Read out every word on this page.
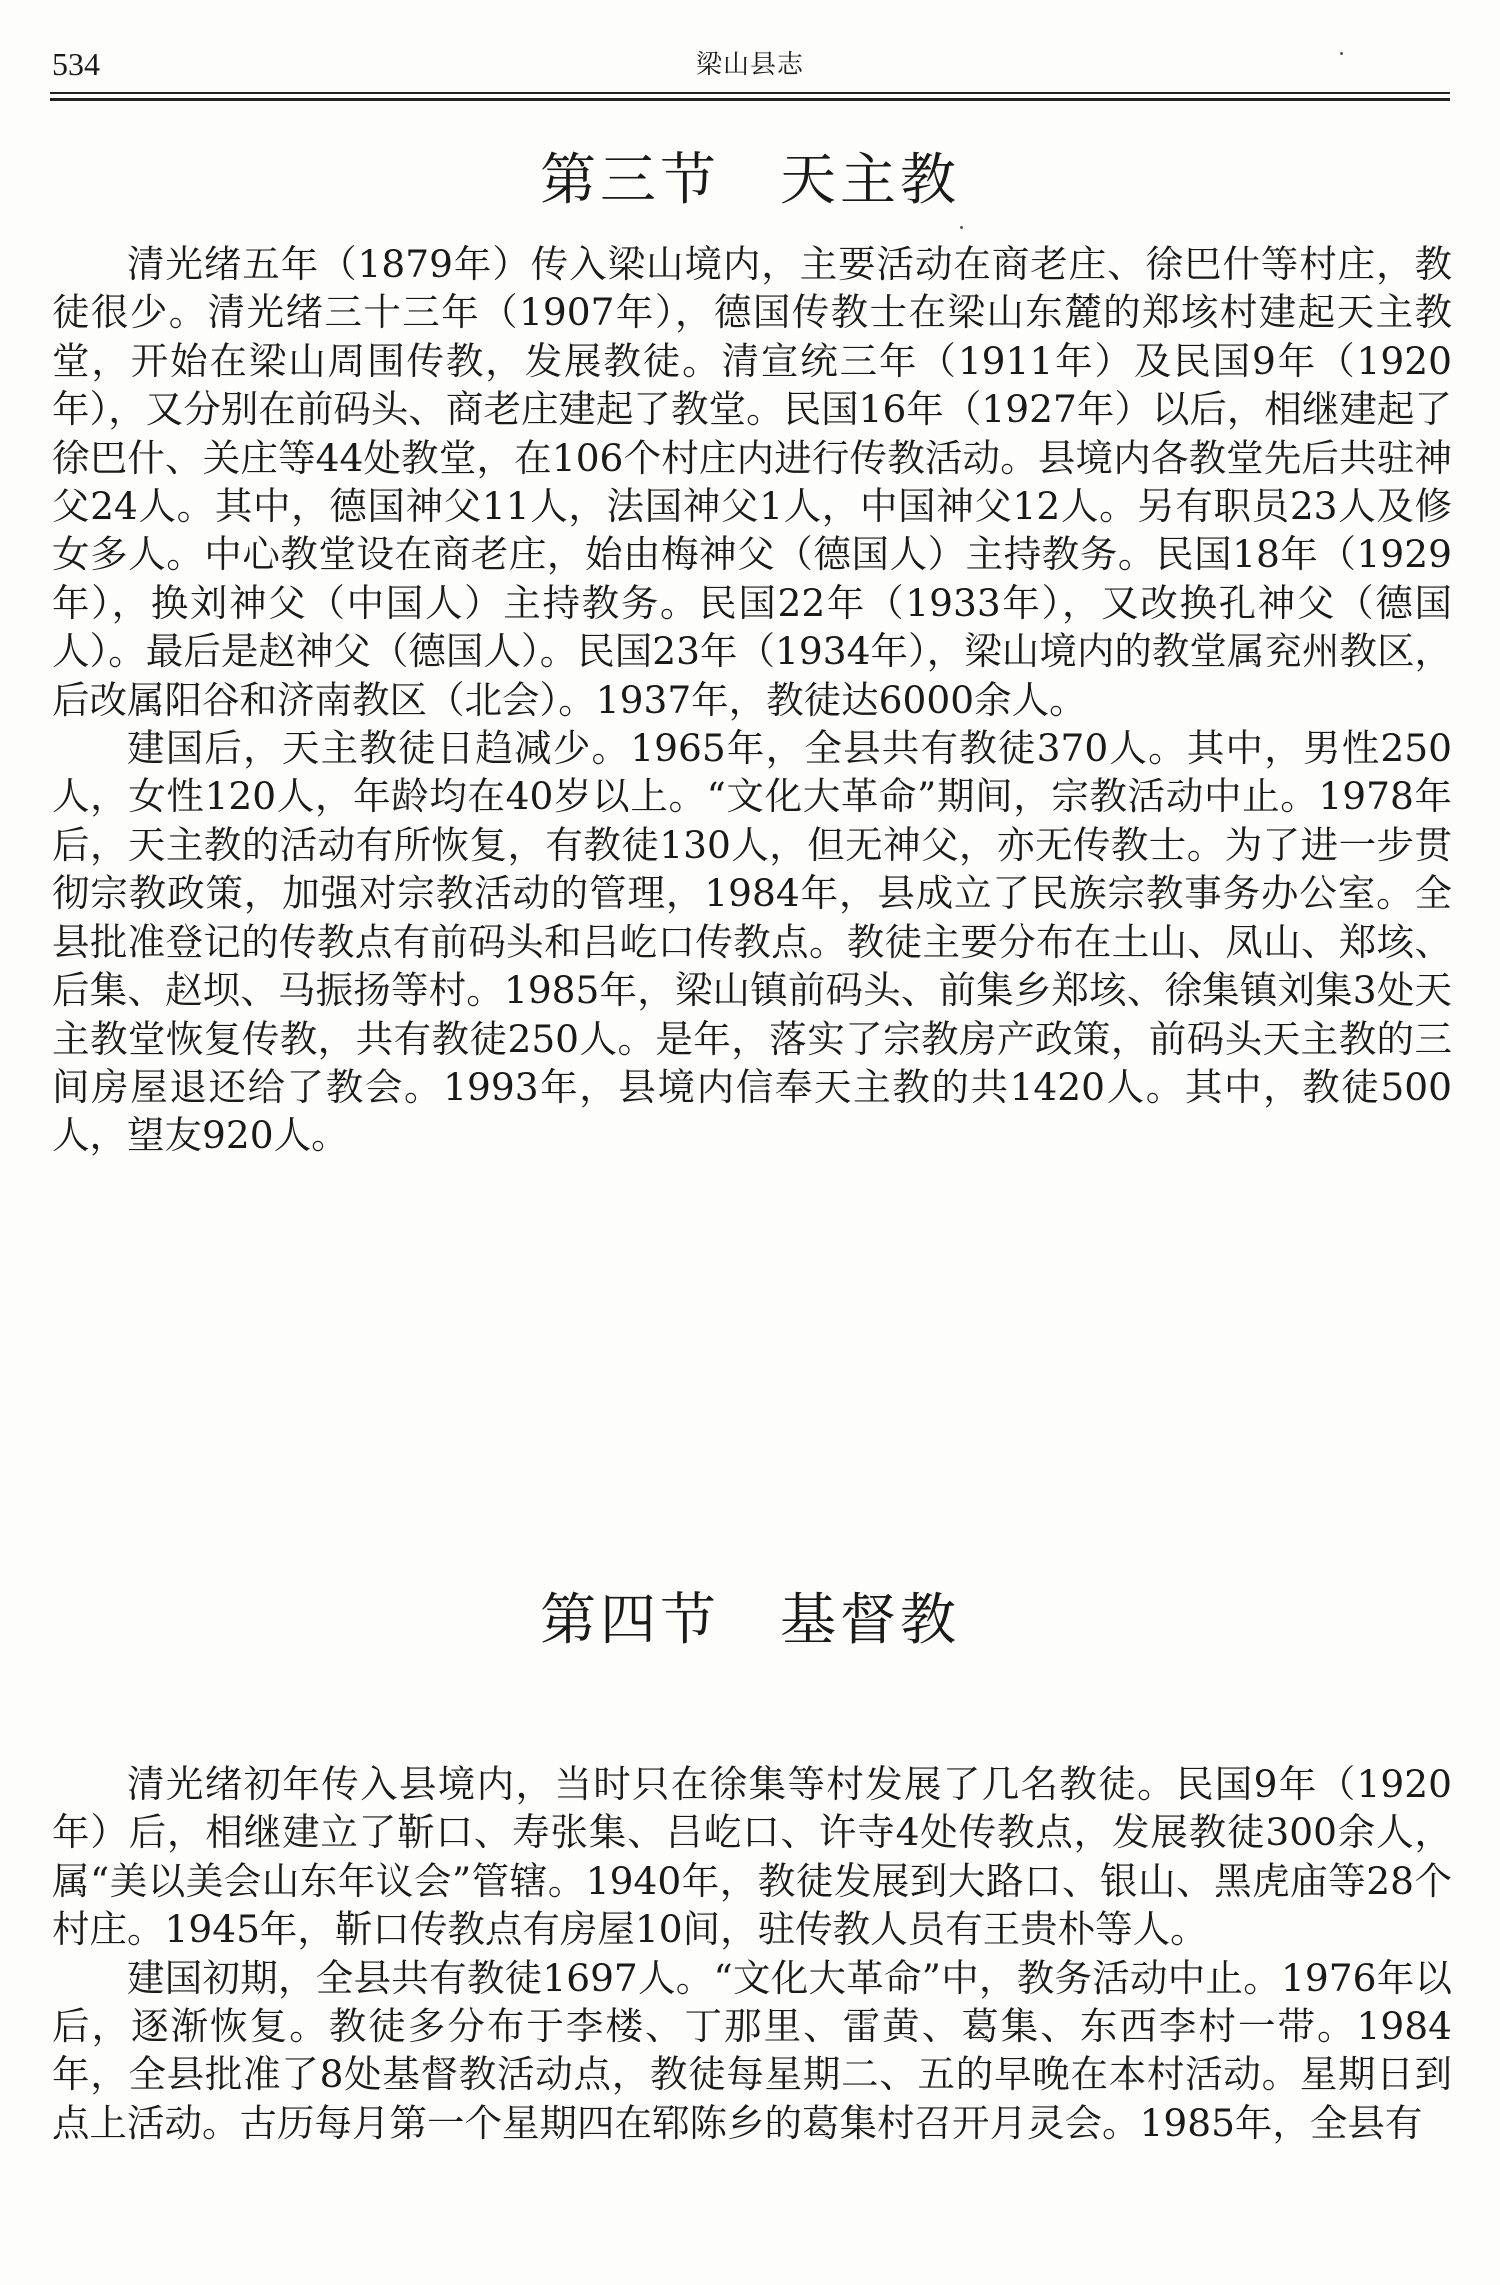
534	梁山县志
第三节 天主教

清光绪五年（1879年）传入梁山境内，主要活动在商老庄、徐巴什等村庄，教徒很少。清光绪三十三年（1907年），德国传教士在梁山东麓的郑垓村建起天主教堂，开始在梁山周围传教，发展教徒。清宣统三年（1911年）及民国9年（1920年），又分别在前码头、商老庄建起了教堂。民国16年（1927年）以后，相继建起了徐巴什、关庄等44处教堂，在106个村庄内进行传教活动。县境内各教堂先后共驻神父24人。其中，德国神父11人，法国神父1人，中国神父12人。另有职员23人及修女多人。中心教堂设在商老庄，始由梅神父（德国人）主持教务。民国18年（1929年），换刘神父（中国人）主持教务。民国22年（1933年），又改换孔神父（德国人）。最后是赵神父（德国人）。民国23年（1934年），梁山境内的教堂属兖州教区，后改属阳谷和济南教区（北会）。1937年，教徒达6000余人。

建国后，天主教徒日趋减少。1965年，全县共有教徒370人。其中，男性250人，女性120人，年龄均在40岁以上。“文化大革命”期间，宗教活动中止。1978年后，天主教的活动有所恢复，有教徒130人，但无神父，亦无传教士。为了进一步贯彻宗教政策，加强对宗教活动的管理，1984年，县成立了民族宗教事务办公室。全县批准登记的传教点有前码头和吕屹口传教点。教徒主要分布在土山、凤山、郑垓、后集、赵坝、马振扬等村。1985年，梁山镇前码头、前集乡郑垓、徐集镇刘集3处天主教堂恢复传教，共有教徒250人。是年，落实了宗教房产政策，前码头天主教的三间房屋退还给了教会。1993年，县境内信奉天主教的共1420人。其中，教徒500人，望友920人。

第四节 基督教

清光绪初年传入县境内，当时只在徐集等村发展了几名教徒。民国9年（1920年）后，相继建立了靳口、寿张集、吕屹口、许寺4处传教点，发展教徒300余人，属“美以美会山东年议会”管辖。1940年，教徒发展到大路口、银山、黑虎庙等28个村庄。1945年，靳口传教点有房屋10间，驻传教人员有王贵朴等人。

建国初期，全县共有教徒1697人。“文化大革命”中，教务活动中止。1976年以后，逐渐恢复。教徒多分布于李楼、丁那里、雷黄、葛集、东西李村一带。1984年，全县批准了8处基督教活动点，教徒每星期二、五的早晚在本村活动。星期日到点上活动。古历每月第一个星期四在郓陈乡的葛集村召开月灵会。1985年，全县有
